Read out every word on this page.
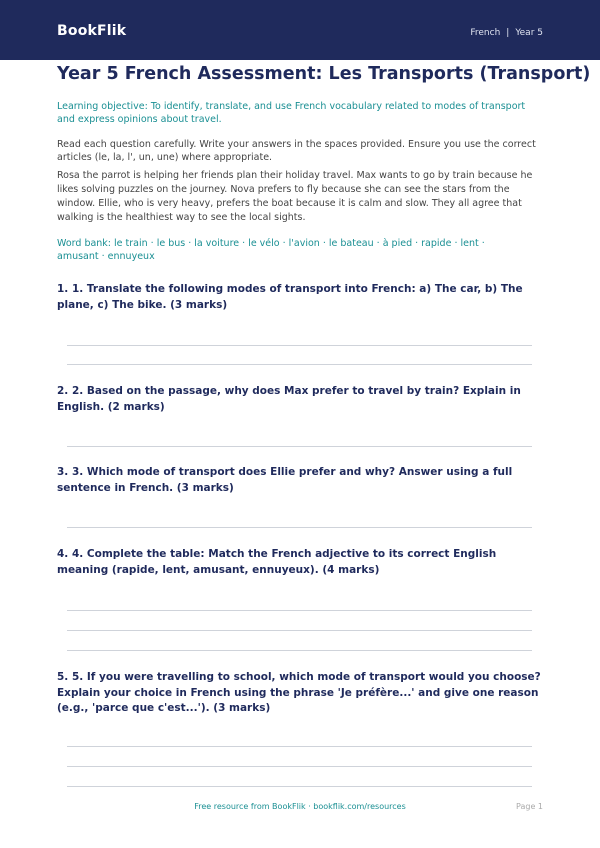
BookFlik	French | Year 5
Year 5 French Assessment: Les Transports (Transport)
Learning objective: To identify, translate, and use French vocabulary related to modes of transport and express opinions about travel.
Read each question carefully. Write your answers in the spaces provided. Ensure you use the correct articles (le, la, l', un, une) where appropriate.
Rosa the parrot is helping her friends plan their holiday travel. Max wants to go by train because he likes solving puzzles on the journey. Nova prefers to fly because she can see the stars from the window. Ellie, who is very heavy, prefers the boat because it is calm and slow. They all agree that walking is the healthiest way to see the local sights.
Word bank: le train · le bus · la voiture · le vélo · l'avion · le bateau · à pied · rapide · lent · amusant · ennuyeux
1. 1. Translate the following modes of transport into French: a) The car, b) The plane, c) The bike. (3 marks)
2. 2. Based on the passage, why does Max prefer to travel by train? Explain in English. (2 marks)
3. 3. Which mode of transport does Ellie prefer and why? Answer using a full sentence in French. (3 marks)
4. 4. Complete the table: Match the French adjective to its correct English meaning (rapide, lent, amusant, ennuyeux). (4 marks)
5. 5. If you were travelling to school, which mode of transport would you choose? Explain your choice in French using the phrase 'Je préfère...' and give one reason (e.g., 'parce que c'est...'). (3 marks)
Free resource from BookFlik · bookflik.com/resources	Page 1
